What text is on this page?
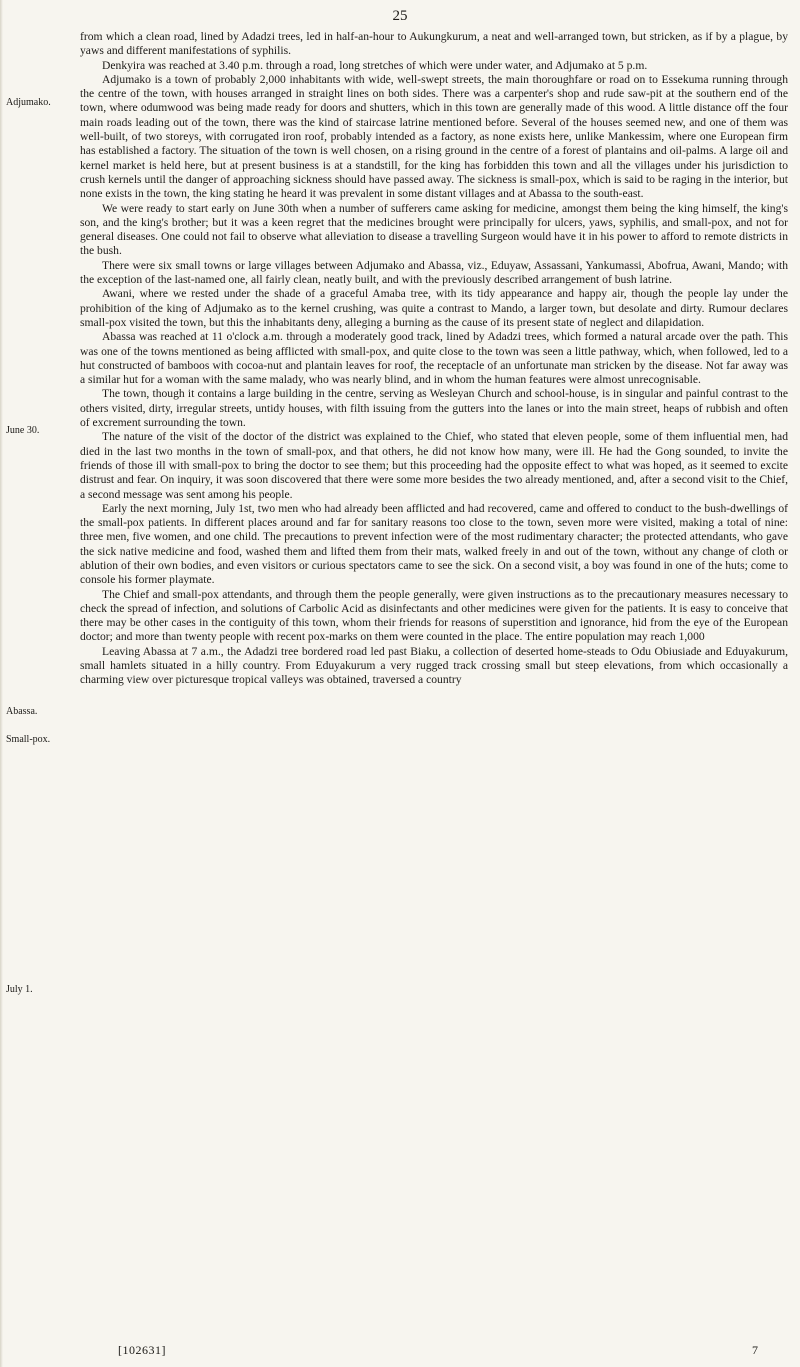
25
Adjumako.
June 30.
Abassa.
Small-pox.
July 1.

from which a clean road, lined by Adadzi trees, led in half-an-hour to Aukungkurum, a neat and well-arranged town, but stricken, as if by a plague, by yaws and different manifestations of syphilis.

Denkyira was reached at 3.40 p.m. through a road, long stretches of which were under water, and Adjumako at 5 p.m.

Adjumako is a town of probably 2,000 inhabitants with wide, well-swept streets, the main thoroughfare or road on to Essekuma running through the centre of the town, with houses arranged in straight lines on both sides. There was a carpenter's shop and rude saw-pit at the southern end of the town, where odumwood was being made ready for doors and shutters, which in this town are generally made of this wood. A little distance off the four main roads leading out of the town, there was the kind of staircase latrine mentioned before. Several of the houses seemed new, and one of them was well-built, of two storeys, with corrugated iron roof, probably intended as a factory, as none exists here, unlike Mankessim, where one European firm has established a factory. The situation of the town is well chosen, on a rising ground in the centre of a forest of plantains and oil-palms. A large oil and kernel market is held here, but at present business is at a standstill, for the king has forbidden this town and all the villages under his jurisdiction to crush kernels until the danger of approaching sickness should have passed away. The sickness is small-pox, which is said to be raging in the interior, but none exists in the town, the king stating he heard it was prevalent in some distant villages and at Abassa to the south-east.

We were ready to start early on June 30th when a number of sufferers came asking for medicine, amongst them being the king himself, the king's son, and the king's brother; but it was a keen regret that the medicines brought were principally for ulcers, yaws, syphilis, and small-pox, and not for general diseases. One could not fail to observe what alleviation to disease a travelling Surgeon would have it in his power to afford to remote districts in the bush.

There were six small towns or large villages between Adjumako and Abassa, viz., Eduyaw, Assassani, Yankumassi, Abofrua, Awani, Mando; with the exception of the last-named one, all fairly clean, neatly built, and with the previously described arrangement of bush latrine.

Awani, where we rested under the shade of a graceful Amaba tree, with its tidy appearance and happy air, though the people lay under the prohibition of the king of Adjumako as to the kernel crushing, was quite a contrast to Mando, a larger town, but desolate and dirty. Rumour declares small-pox visited the town, but this the inhabitants deny, alleging a burning as the cause of its present state of neglect and dilapidation.

Abassa was reached at 11 o'clock a.m. through a moderately good track, lined by Adadzi trees, which formed a natural arcade over the path. This was one of the towns mentioned as being afflicted with small-pox, and quite close to the town was seen a little pathway, which, when followed, led to a hut constructed of bamboos with cocoa-nut and plantain leaves for roof, the receptacle of an unfortunate man stricken by the disease. Not far away was a similar hut for a woman with the same malady, who was nearly blind, and in whom the human features were almost unrecognisable.

The town, though it contains a large building in the centre, serving as Wesleyan Church and school-house, is in singular and painful contrast to the others visited, dirty, irregular streets, untidy houses, with filth issuing from the gutters into the lanes or into the main street, heaps of rubbish and often of excrement surrounding the town.

The nature of the visit of the doctor of the district was explained to the Chief, who stated that eleven people, some of them influential men, had died in the last two months in the town of small-pox, and that others, he did not know how many, were ill. He had the Gong sounded, to invite the friends of those ill with small-pox to bring the doctor to see them; but this proceeding had the opposite effect to what was hoped, as it seemed to excite distrust and fear. On inquiry, it was soon discovered that there were some more besides the two already mentioned, and, after a second visit to the Chief, a second message was sent among his people.

Early the next morning, July 1st, two men who had already been afflicted and had recovered, came and offered to conduct to the bush-dwellings of the small-pox patients. In different places around and far for sanitary reasons too close to the town, seven more were visited, making a total of nine: three men, five women, and one child. The precautions to prevent infection were of the most rudimentary character; the protected attendants, who gave the sick native medicine and food, washed them and lifted them from their mats, walked freely in and out of the town, without any change of cloth or ablution of their own bodies, and even visitors or curious spectators came to see the sick. On a second visit, a boy was found in one of the huts; come to console his former playmate.

The Chief and small-pox attendants, and through them the people generally, were given instructions as to the precautionary measures necessary to check the spread of infection, and solutions of Carbolic Acid as disinfectants and other medicines were given for the patients. It is easy to conceive that there may be other cases in the contiguity of this town, whom their friends for reasons of superstition and ignorance, hid from the eye of the European doctor; and more than twenty people with recent pox-marks on them were counted in the place. The entire population may reach 1,000

Leaving Abassa at 7 a.m., the Adadzi tree bordered road led past Biaku, a collection of deserted home-steads to Odu Obiusiade and Eduyakurum, small hamlets situated in a hilly country. From Eduyakurum a very rugged track crossing small but steep elevations, from which occasionally a charming view over picturesque tropical valleys was obtained, traversed a country

[102631]	7
